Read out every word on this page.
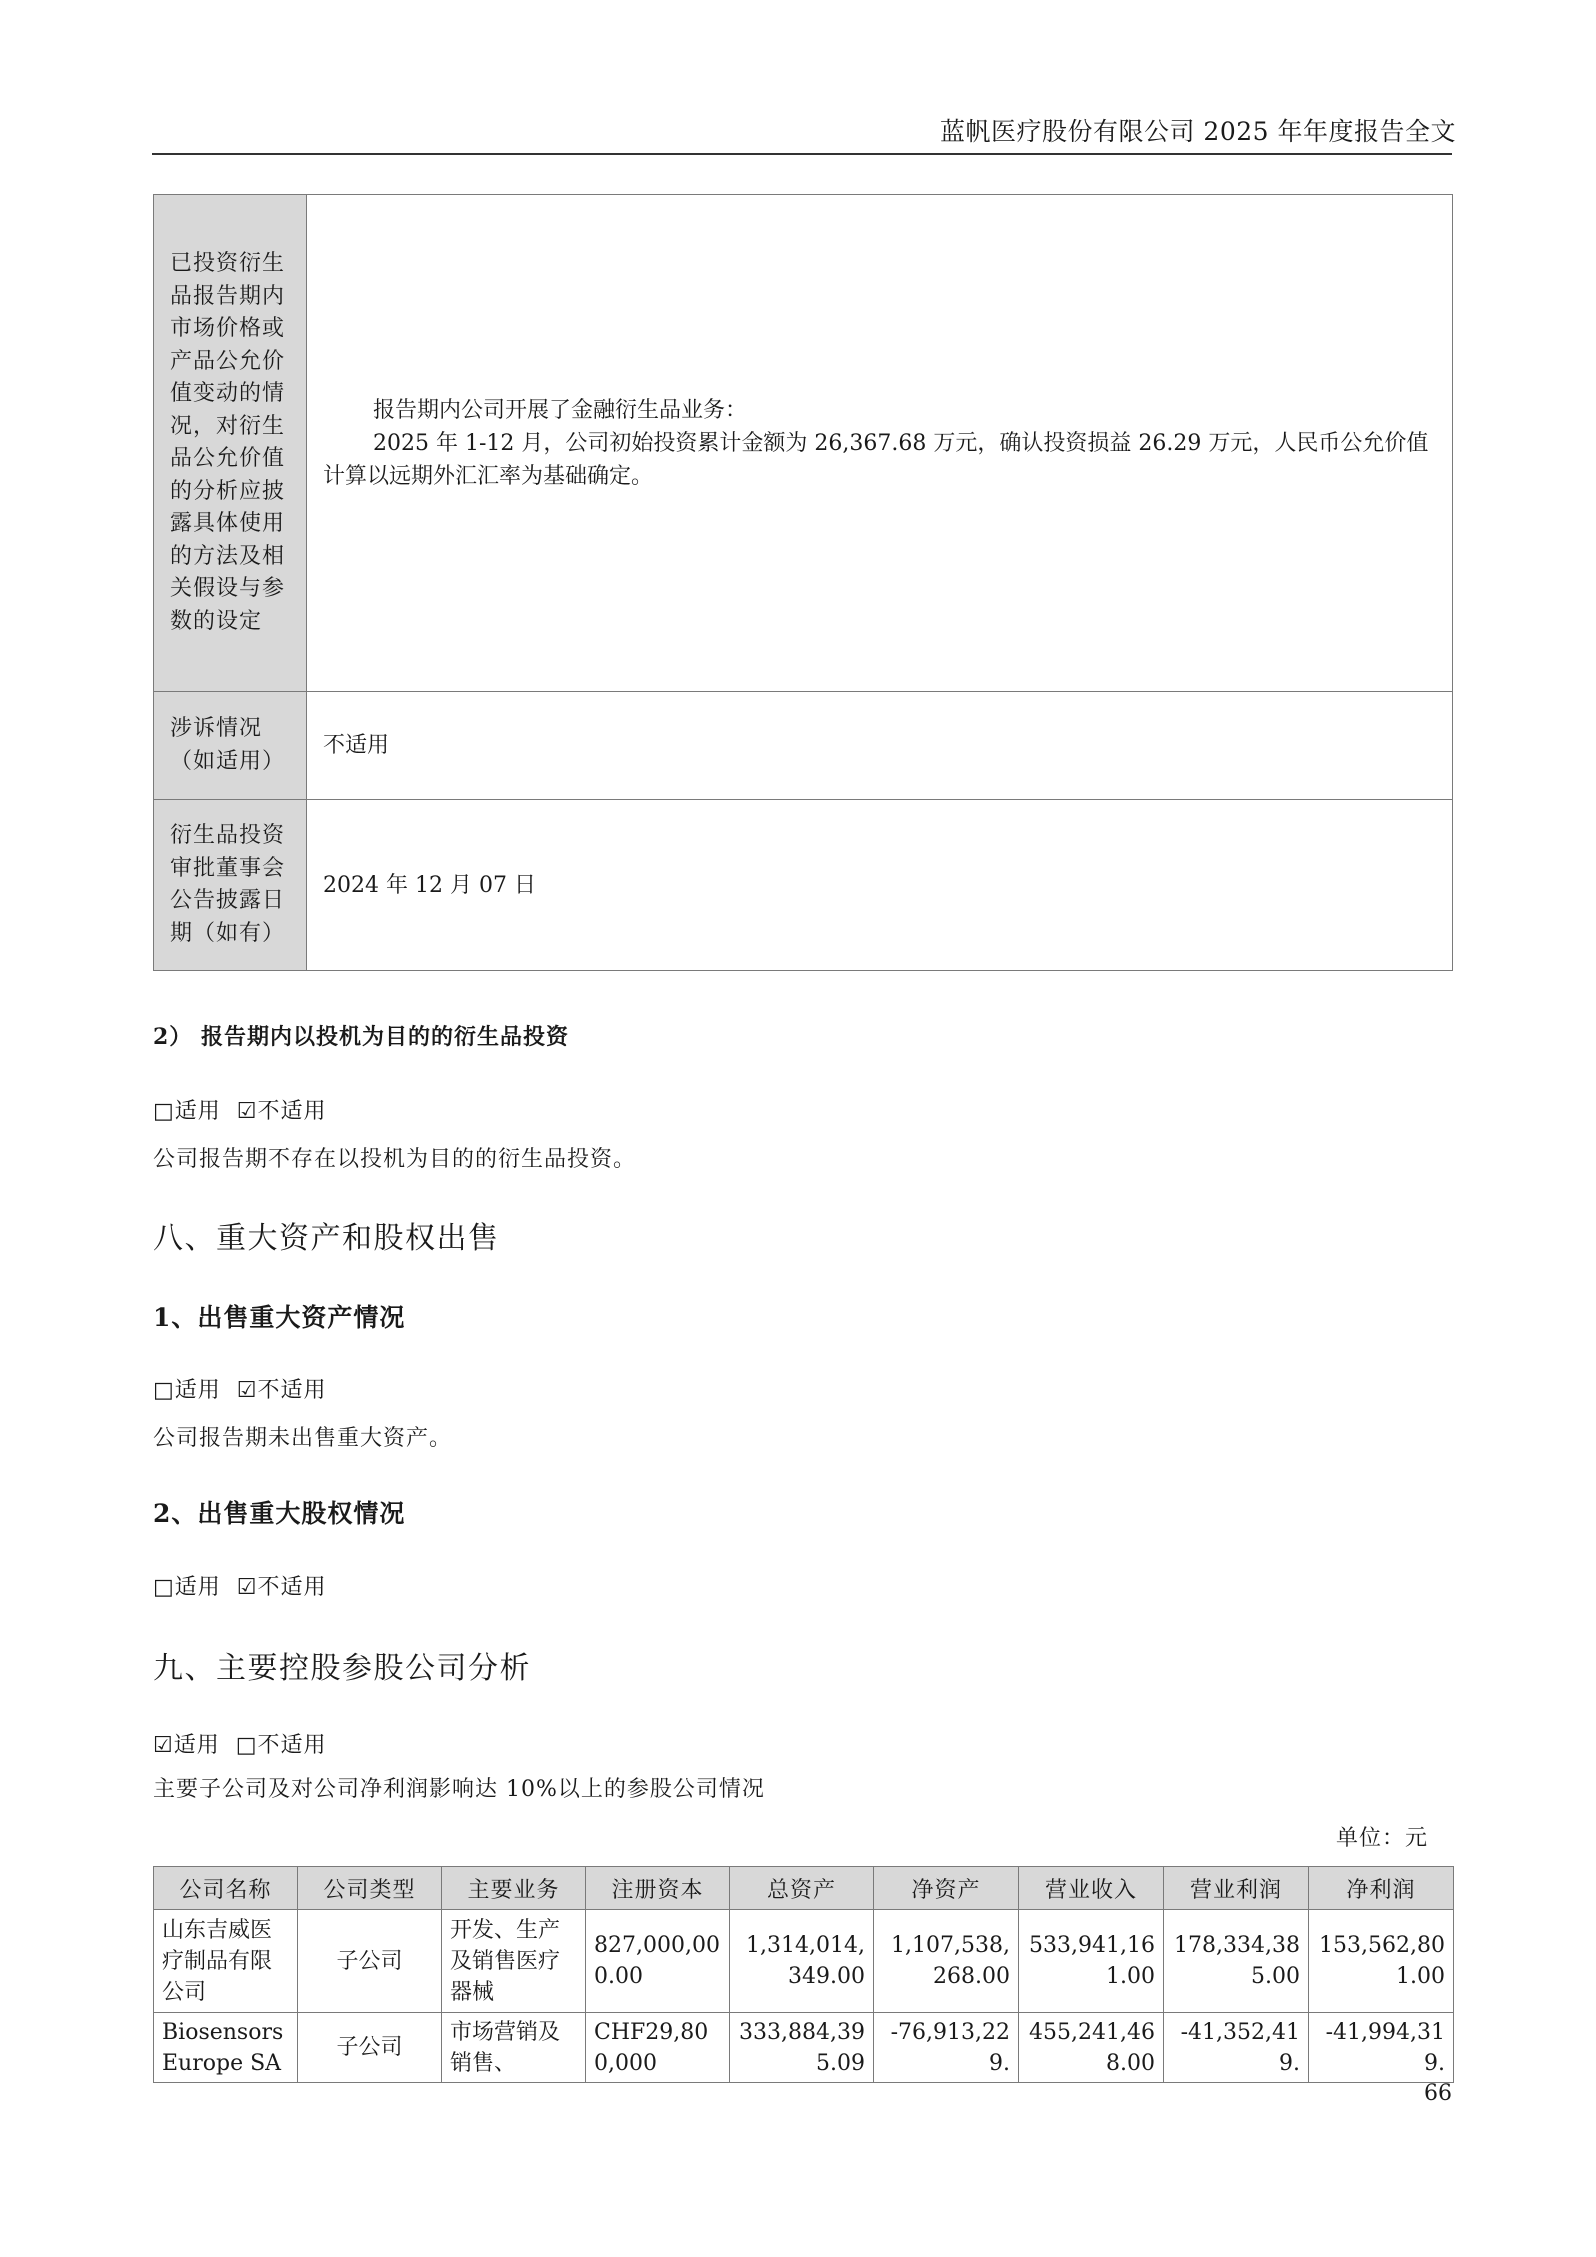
蓝帆医疗股份有限公司 2025 年年度报告全文
已投资衍生品报告期内市场价格或产品公允价值变动的情况，对衍生品公允价值的分析应披露具体使用的方法及相关假设与参数的设定	报告期内公司开展了金融衍生品业务：
2025 年 1-12 月，公司初始投资累计金额为 26,367.68 万元，确认投资损益 26.29 万元，人民币公允价值计算以远期外汇汇率为基础确定。

涉诉情况（如适用）	不适用
衍生品投资审批董事会公告披露日期（如有）	2024 年 12 月 07 日
2） 报告期内以投机为目的的衍生品投资
□适用 ☑不适用
公司报告期不存在以投机为目的的衍生品投资。
八、重大资产和股权出售
1、出售重大资产情况
□适用 ☑不适用
公司报告期未出售重大资产。
2、出售重大股权情况
□适用 ☑不适用
九、主要控股参股公司分析
☑适用 □不适用
主要子公司及对公司净利润影响达 10%以上的参股公司情况
单位：元
公司名称	公司类型	主要业务	注册资本	总资产	净资产	营业收入	营业利润	净利润
山东吉威医疗制品有限公司	子公司	开发、生产及销售医疗器械	827,000,000.00	1,314,014,349.00	1,107,538,268.00	533,941,161.00	178,334,385.00	153,562,801.00
Biosensors Europe SA	子公司	市场营销及销售、	CHF29,800,000	333,884,395.09	-76,913,229.	455,241,468.00	-41,352,419.	-41,994,319.
66
